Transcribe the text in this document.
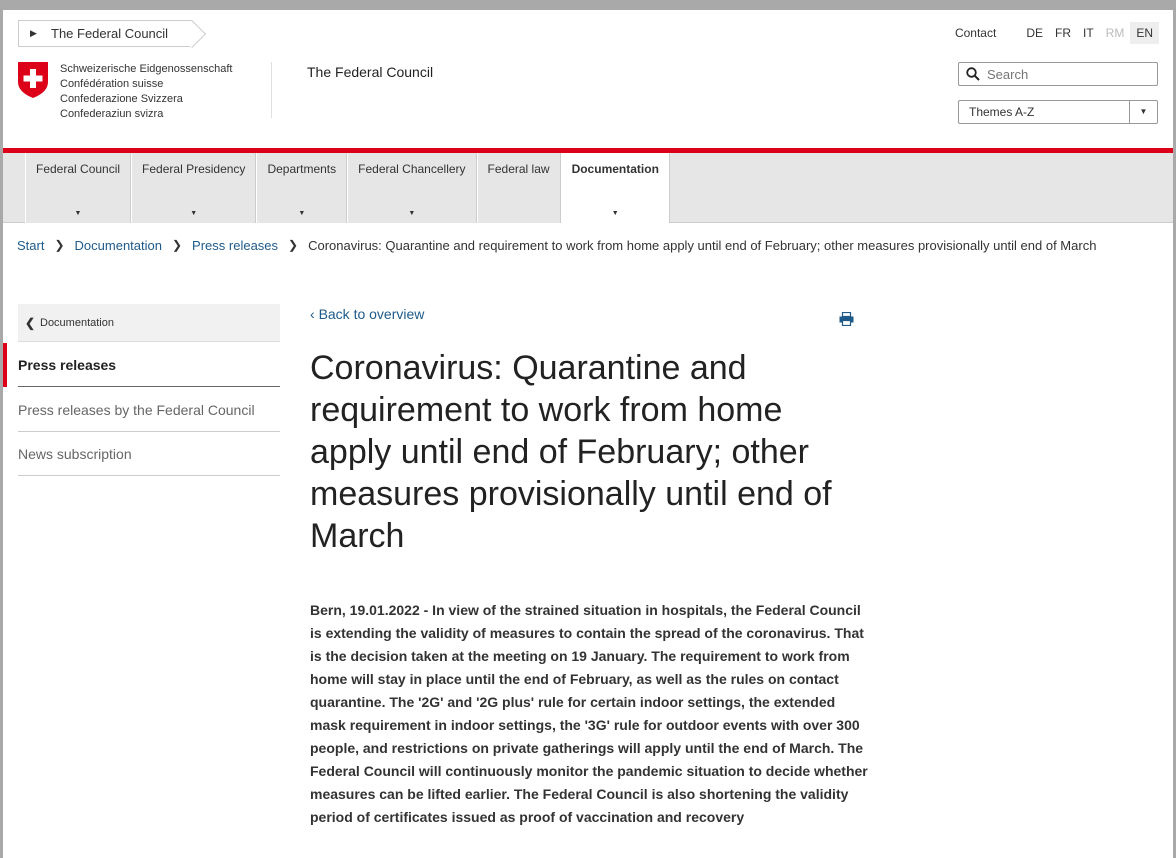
▶ The Federal Council	Contact	DE	FR	IT	RM	EN
Schweizerische Eidgenossenschaft
Confédération suisse
Confederazione Svizzera
Confederaziun svizra
The Federal Council
Search
Themes A-Z	▼
Federal Council
▼
Federal Presidency
▼
Departments
▼
Federal Chancellery
▼
Federal law	Documentation
▼
Start ❯ Documentation ❯ Press releases ❯ Coronavirus: Quarantine and requirement to work from home apply until end of February; other measures provisionally until end of March
❮ Documentation
Press releases
Press releases by the Federal Council
News subscription
‹ Back to overview
Coronavirus: Quarantine and requirement to work from home apply until end of February; other measures provisionally until end of March

Bern, 19.01.2022 - In view of the strained situation in hospitals, the Federal Council is extending the validity of measures to contain the spread of the coronavirus. That is the decision taken at the meeting on 19 January. The requirement to work from home will stay in place until the end of February, as well as the rules on contact quarantine. The '2G' and '2G plus' rule for certain indoor settings, the extended mask requirement in indoor settings, the '3G' rule for outdoor events with over 300 people, and restrictions on private gatherings will apply until the end of March. The Federal Council will continuously monitor the pandemic situation to decide whether measures can be lifted earlier. The Federal Council is also shortening the validity period of certificates issued as proof of vaccination and recovery
